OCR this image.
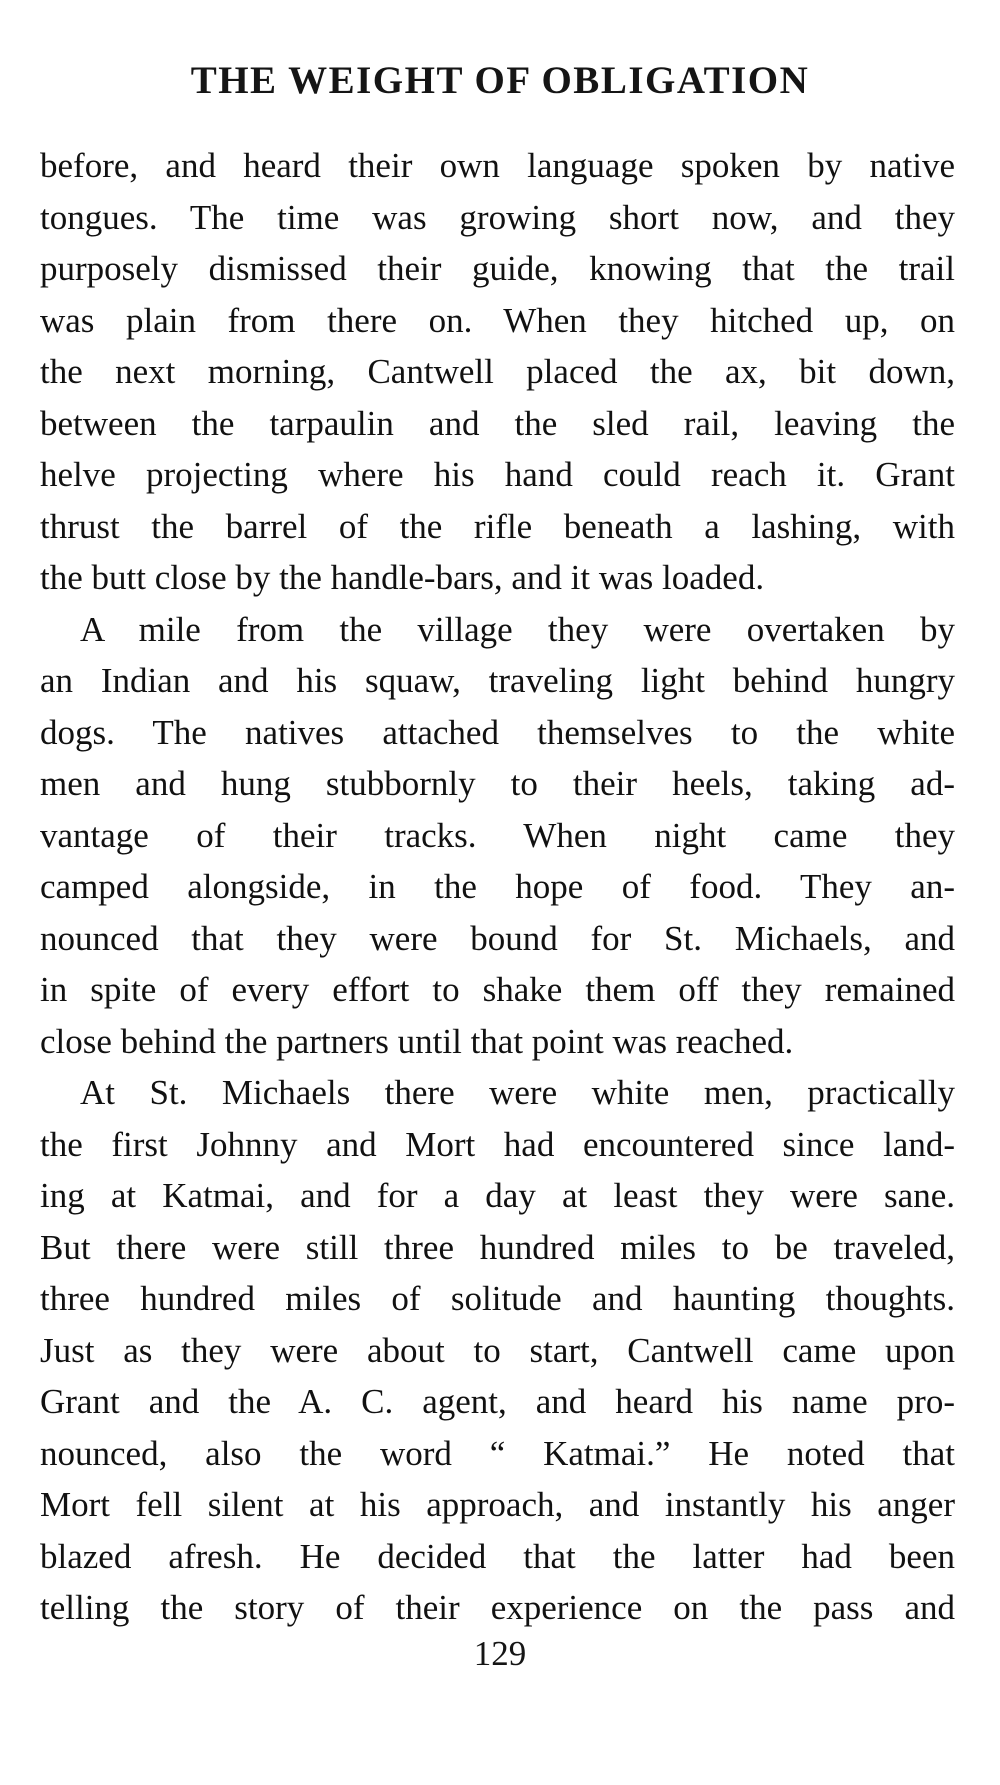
THE WEIGHT OF OBLIGATION
before, and heard their own language spoken by native
tongues. The time was growing short now, and they
purposely dismissed their guide, knowing that the trail
was plain from there on. When they hitched up, on
the next morning, Cantwell placed the ax, bit down,
between the tarpaulin and the sled rail, leaving the
helve projecting where his hand could reach it. Grant
thrust the barrel of the rifle beneath a lashing, with
the butt close by the handle-bars, and it was loaded.
A mile from the village they were overtaken by
an Indian and his squaw, traveling light behind hungry
dogs. The natives attached themselves to the white
men and hung stubbornly to their heels, taking ad-
vantage of their tracks. When night came they
camped alongside, in the hope of food. They an-
nounced that they were bound for St. Michaels, and
in spite of every effort to shake them off they remained
close behind the partners until that point was reached.
At St. Michaels there were white men, practically
the first Johnny and Mort had encountered since land-
ing at Katmai, and for a day at least they were sane.
But there were still three hundred miles to be traveled,
three hundred miles of solitude and haunting thoughts.
Just as they were about to start, Cantwell came upon
Grant and the A. C. agent, and heard his name pro-
nounced, also the word “ Katmai.” He noted that
Mort fell silent at his approach, and instantly his anger
blazed afresh. He decided that the latter had been
telling the story of their experience on the pass and
129
